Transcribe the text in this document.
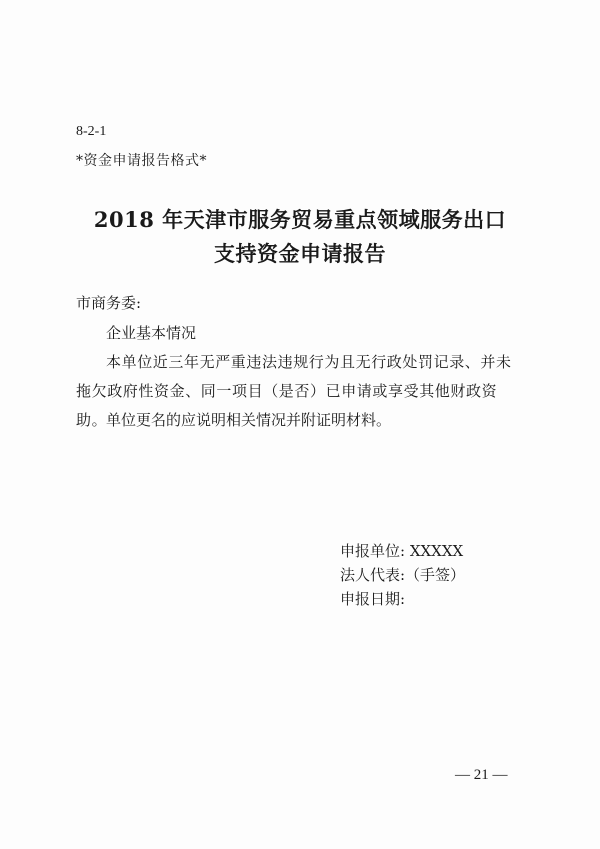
8-2-1
*资金申请报告格式*
2018 年天津市服务贸易重点领域服务出口
支持资金申请报告
市商务委:
企业基本情况
本单位近三年无严重违法违规行为且无行政处罚记录、并未拖欠政府性资金、同一项目（是否）已申请或享受其他财政资助。
单位更名的应说明相关情况并附证明材料。
申报单位: XXXXX
法人代表:（手签）
申报日期:
— 21 —
